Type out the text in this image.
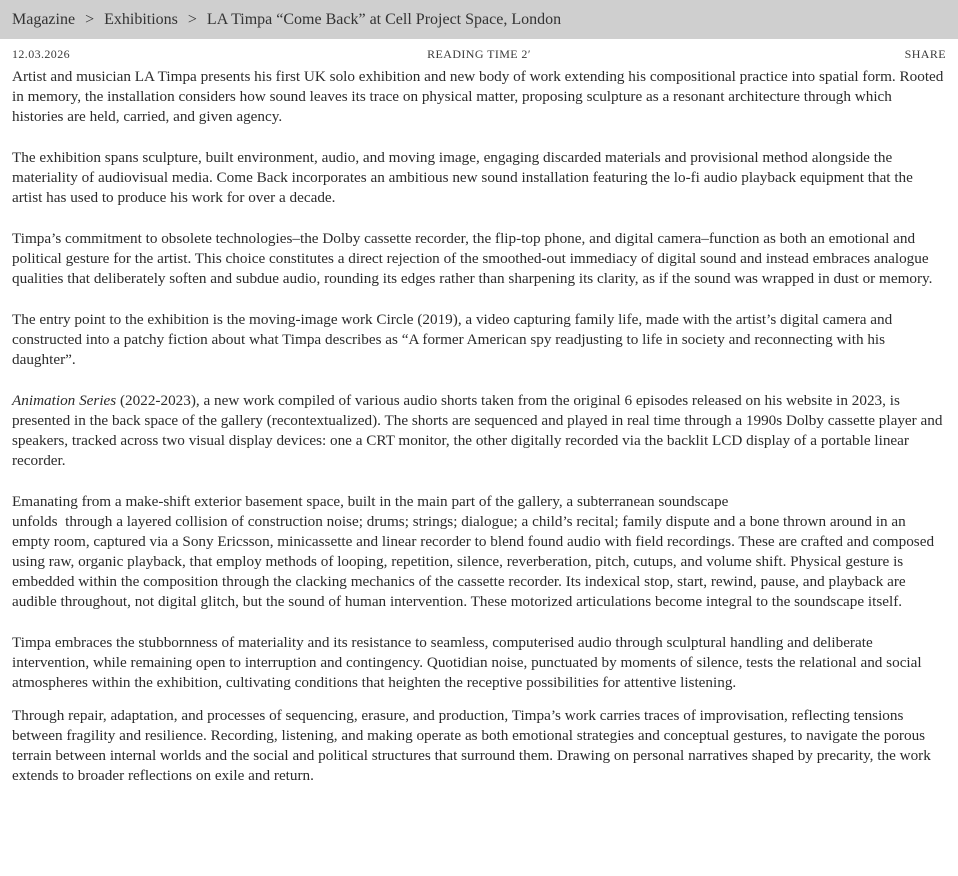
Magazine > Exhibitions > LA Timpa “Come Back” at Cell Project Space, London
12.03.2026	READING TIME 2′	SHARE

Artist and musician LA Timpa presents his first UK solo exhibition and new body of work extending his compositional practice into spatial form. Rooted in memory, the installation considers how sound leaves its trace on physical matter, proposing sculpture as a resonant architecture through which histories are held, carried, and given agency.

The exhibition spans sculpture, built environment, audio, and moving image, engaging discarded materials and provisional method alongside the materiality of audiovisual media. Come Back incorporates an ambitious new sound installation featuring the lo-fi audio playback equipment that the artist has used to produce his work for over a decade.

Timpa’s commitment to obsolete technologies–the Dolby cassette recorder, the flip-top phone, and digital camera–function as both an emotional and political gesture for the artist. This choice constitutes a direct rejection of the smoothed-out immediacy of digital sound and instead embraces analogue qualities that deliberately soften and subdue audio, rounding its edges rather than sharpening its clarity, as if the sound was wrapped in dust or memory.

The entry point to the exhibition is the moving-image work Circle (2019), a video capturing family life, made with the artist’s digital camera and constructed into a patchy fiction about what Timpa describes as “A former American spy readjusting to life in society and reconnecting with his daughter”.

Animation Series (2022-2023), a new work compiled of various audio shorts taken from the original 6 episodes released on his website in 2023, is presented in the back space of the gallery (recontextualized). The shorts are sequenced and played in real time through a 1990s Dolby cassette player and speakers, tracked across two visual display devices: one a CRT monitor, the other digitally recorded via the backlit LCD display of a portable linear recorder.

Emanating from a make-shift exterior basement space, built in the main part of the gallery, a subterranean soundscape
unfolds  through a layered collision of construction noise; drums; strings; dialogue; a child’s recital; family dispute and a bone thrown around in an empty room, captured via a Sony Ericsson, minicassette and linear recorder to blend found audio with field recordings. These are crafted and composed using raw, organic playback, that employ methods of looping, repetition, silence, reverberation, pitch, cutups, and volume shift. Physical gesture is embedded within the composition through the clacking mechanics of the cassette recorder. Its indexical stop, start, rewind, pause, and playback are audible throughout, not digital glitch, but the sound of human intervention. These motorized articulations become integral to the soundscape itself.

Timpa embraces the stubbornness of materiality and its resistance to seamless, computerised audio through sculptural handling and deliberate intervention, while remaining open to interruption and contingency. Quotidian noise, punctuated by moments of silence, tests the relational and social atmospheres within the exhibition, cultivating conditions that heighten the receptive possibilities for attentive listening.

Through repair, adaptation, and processes of sequencing, erasure, and production, Timpa’s work carries traces of improvisation, reflecting tensions between fragility and resilience. Recording, listening, and making operate as both emotional strategies and conceptual gestures, to navigate the porous terrain between internal worlds and the social and political structures that surround them. Drawing on personal narratives shaped by precarity, the work extends to broader reflections on exile and return.
